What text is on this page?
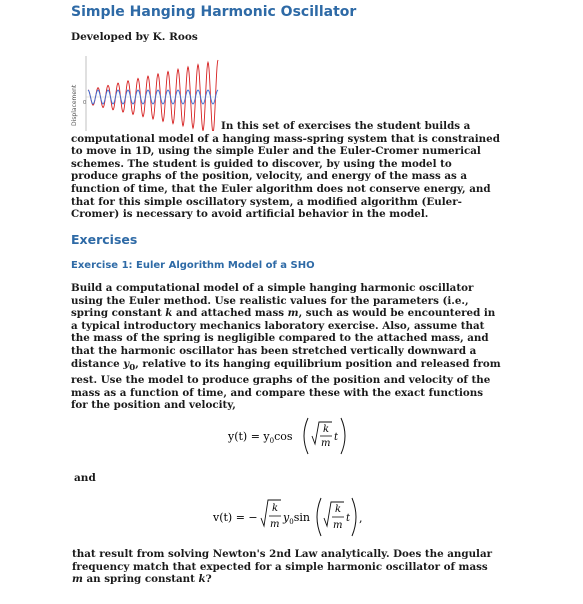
Simple Hanging Harmonic Oscillator
Developed by K. Roos
Displacement 0
In this set of exercises the student builds a computational model of a hanging mass-spring system that is constrained to move in 1D, using the simple Euler and the Euler-Cromer numerical schemes. The student is guided to discover, by using the model to produce graphs of the position, velocity, and energy of the mass as a function of time, that the Euler algorithm does not conserve energy, and that for this simple oscillatory system, a modified algorithm (Euler-Cromer) is necessary to avoid artificial behavior in the model.
Exercises
Exercise 1: Euler Algorithm Model of a SHO
Build a computational model of a simple hanging harmonic oscillator using the Euler method. Use realistic values for the parameters (i.e., spring constant k and attached mass m, such as would be encountered in a typical introductory mechanics laboratory exercise. Also, assume that the mass of the spring is negligible compared to the attached mass, and that the harmonic oscillator has been stretched vertically downward a distance $y_0$, relative to its hanging equilibrium position and released from rest. Use the model to produce graphs of the position and velocity of the mass as a function of time, and compare these with the exact functions for the position and velocity,
$y(t) = y_0\cos$
k
m
t
and
v(t) = −
k
m
$y_0\sin$
k
m
t ,
that result from solving Newton's 2nd Law analytically. Does the angular frequency match that expected for a simple harmonic oscillator of mass m an spring constant k?
